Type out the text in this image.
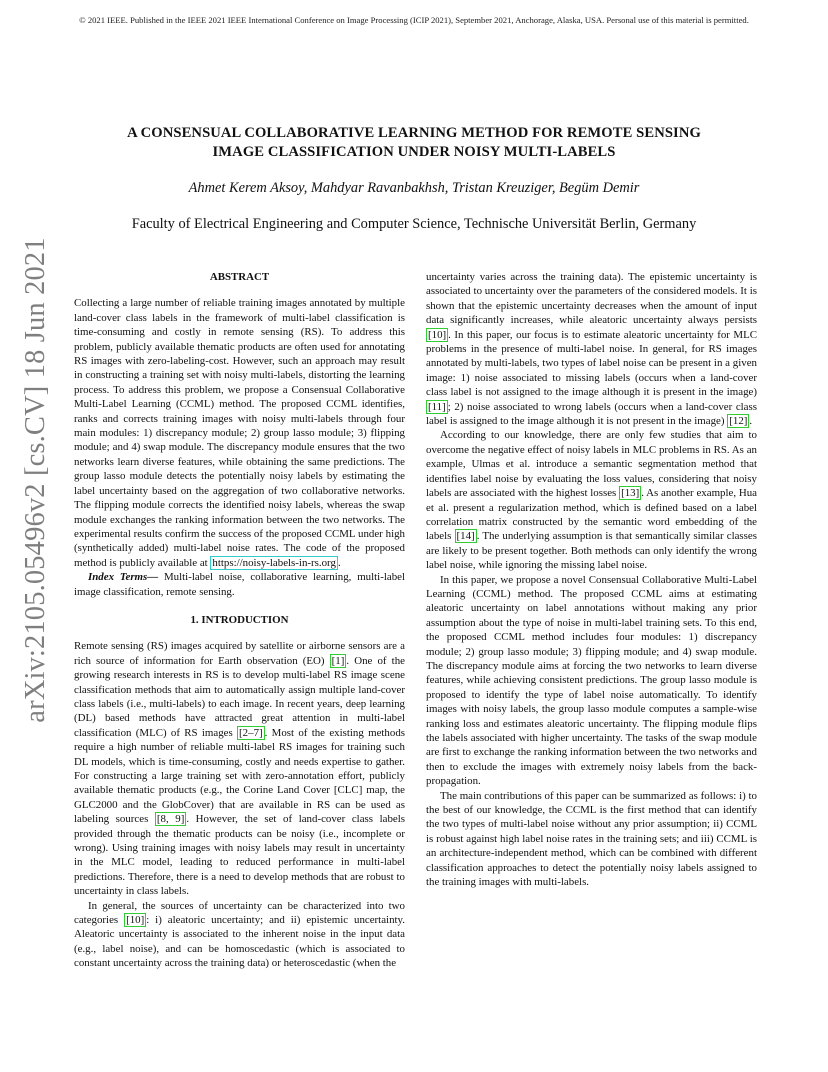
© 2021 IEEE. Published in the IEEE 2021 IEEE International Conference on Image Processing (ICIP 2021), September 2021, Anchorage, Alaska, USA. Personal use of this material is permitted.
arXiv:2105.05496v2 [cs.CV] 18 Jun 2021
A CONSENSUAL COLLABORATIVE LEARNING METHOD FOR REMOTE SENSING
IMAGE CLASSIFICATION UNDER NOISY MULTI-LABELS
Ahmet Kerem Aksoy, Mahdyar Ravanbakhsh, Tristan Kreuziger, Begüm Demir
Faculty of Electrical Engineering and Computer Science, Technische Universität Berlin, Germany
ABSTRACT

Collecting a large number of reliable training images annotated by multiple land-cover class labels in the framework of multi-label classification is time-consuming and costly in remote sensing (RS). To address this problem, publicly available thematic products are often used for annotating RS images with zero-labeling-cost. However, such an approach may result in constructing a training set with noisy multi-labels, distorting the learning process. To address this problem, we propose a Consensual Collaborative Multi-Label Learning (CCML) method. The proposed CCML identifies, ranks and corrects training images with noisy multi-labels through four main modules: 1) discrepancy module; 2) group lasso module; 3) flipping module; and 4) swap module. The discrepancy module ensures that the two networks learn diverse features, while obtaining the same predictions. The group lasso module detects the potentially noisy labels by estimating the label uncertainty based on the aggregation of two collaborative networks. The flipping module corrects the identified noisy labels, whereas the swap module exchanges the ranking information between the two networks. The experimental results confirm the success of the proposed CCML under high (synthetically added) multi-label noise rates. The code of the proposed method is publicly available at https://noisy-labels-in-rs.org .

Index Terms— Multi-label noise, collaborative learning, multi-label image classification, remote sensing.

1. INTRODUCTION

Remote sensing (RS) images acquired by satellite or airborne sensors are a rich source of information for Earth observation (EO) [1] . One of the growing research interests in RS is to develop multi-label RS image scene classification methods that aim to automatically assign multiple land-cover class labels (i.e., multi-labels) to each image. In recent years, deep learning (DL) based methods have attracted great attention in multi-label classification (MLC) of RS images [2–7] . Most of the existing methods require a high number of reliable multi-label RS images for training such DL models, which is time-consuming, costly and needs expertise to gather. For constructing a large training set with zero-annotation effort, publicly available thematic products (e.g., the Corine Land Cover [CLC] map, the GLC2000 and the GlobCover) that are available in RS can be used as labeling sources [8, 9] . However, the set of land-cover class labels provided through the thematic products can be noisy (i.e., incomplete or wrong). Using training images with noisy labels may result in uncertainty in the MLC model, leading to reduced performance in multi-label predictions. Therefore, there is a need to develop methods that are robust to uncertainty in class labels.

In general, the sources of uncertainty can be characterized into two categories [10] : i) aleatoric uncertainty; and ii) epistemic uncertainty. Aleatoric uncertainty is associated to the inherent noise in the input data (e.g., label noise), and can be homoscedastic (which is associated to constant uncertainty across the training data) or heteroscedastic (when the

uncertainty varies across the training data). The epistemic uncertainty is associated to uncertainty over the parameters of the considered models. It is shown that the epistemic uncertainty decreases when the amount of input data significantly increases, while aleatoric uncertainty always persists [10] . In this paper, our focus is to estimate aleatoric uncertainty for MLC problems in the presence of multi-label noise. In general, for RS images annotated by multi-labels, two types of label noise can be present in a given image: 1) noise associated to missing labels (occurs when a land-cover class label is not assigned to the image although it is present in the image) [11] ; 2) noise associated to wrong labels (occurs when a land-cover class label is assigned to the image although it is not present in the image) [12] .

According to our knowledge, there are only few studies that aim to overcome the negative effect of noisy labels in MLC problems in RS. As an example, Ulmas et al. introduce a semantic segmentation method that identifies label noise by evaluating the loss values, considering that noisy labels are associated with the highest losses [13] . As another example, Hua et al. present a regularization method, which is defined based on a label correlation matrix constructed by the semantic word embedding of the labels [14] . The underlying assumption is that semantically similar classes are likely to be present together. Both methods can only identify the wrong label noise, while ignoring the missing label noise.

In this paper, we propose a novel Consensual Collaborative Multi-Label Learning (CCML) method. The proposed CCML aims at estimating aleatoric uncertainty on label annotations without making any prior assumption about the type of noise in multi-label training sets. To this end, the proposed CCML method includes four modules: 1) discrepancy module; 2) group lasso module; 3) flipping module; and 4) swap module. The discrepancy module aims at forcing the two networks to learn diverse features, while achieving consistent predictions. The group lasso module is proposed to identify the type of label noise automatically. To identify images with noisy labels, the group lasso module computes a sample-wise ranking loss and estimates aleatoric uncertainty. The flipping module flips the labels associated with higher uncertainty. The tasks of the swap module are first to exchange the ranking information between the two networks and then to exclude the images with extremely noisy labels from the back-propagation.

The main contributions of this paper can be summarized as follows: i) to the best of our knowledge, the CCML is the first method that can identify the two types of multi-label noise without any prior assumption; ii) CCML is robust against high label noise rates in the training sets; and iii) CCML is an architecture-independent method, which can be combined with different classification approaches to detect the potentially noisy labels assigned to the training images with multi-labels.
